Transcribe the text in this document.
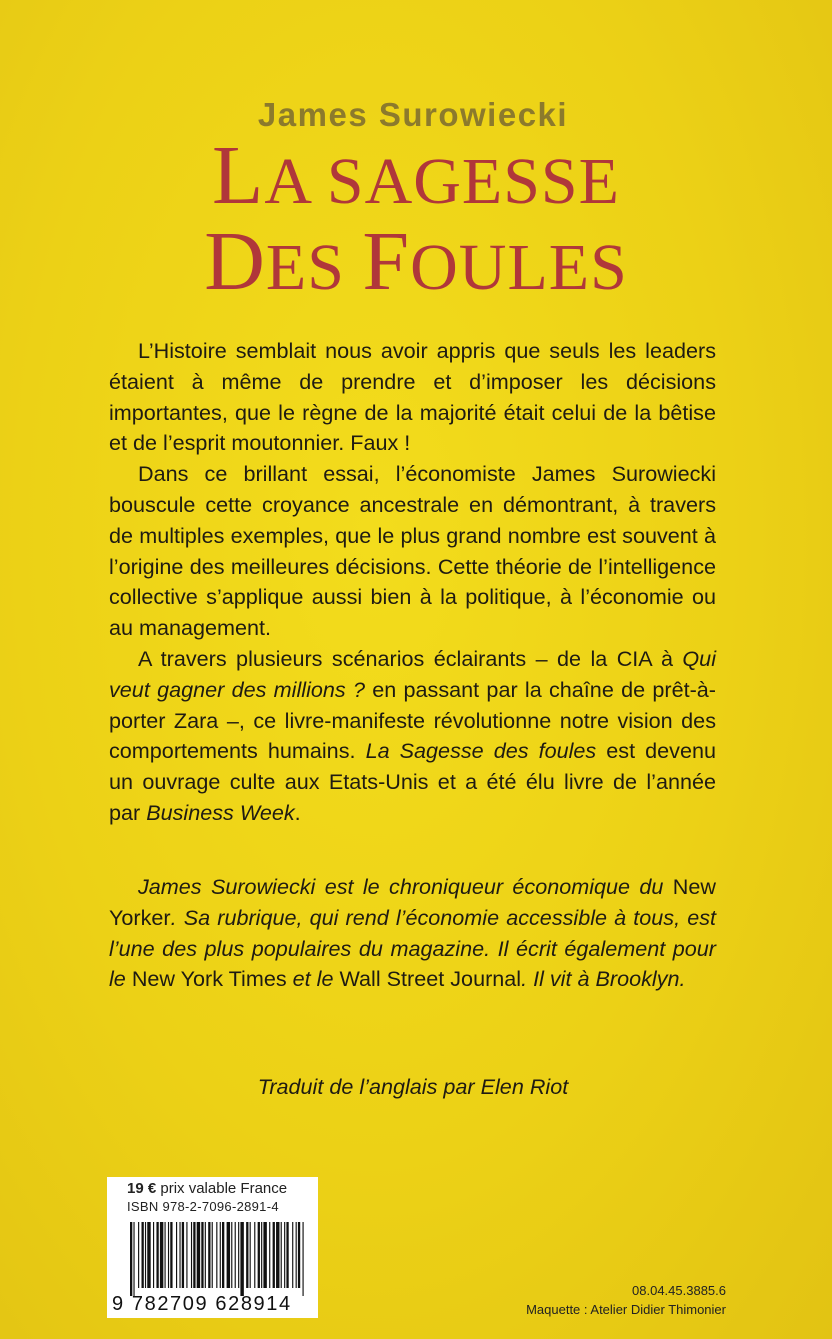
James Surowiecki
LA SAGESSE
DES FOULES

L’Histoire semblait nous avoir appris que seuls les leaders étaient à même de prendre et d’imposer les décisions importantes, que le règne de la majorité était celui de la bêtise et de l’esprit moutonnier. Faux !

Dans ce brillant essai, l’économiste James Surowiecki bouscule cette croyance ancestrale en démontrant, à travers de multiples exemples, que le plus grand nombre est souvent à l’origine des meilleures décisions. Cette théorie de l’intelligence collective s’applique aussi bien à la politique, à l’économie ou au management.

A travers plusieurs scénarios éclairants – de la CIA à Qui veut gagner des millions ? en passant par la chaîne de prêt-à-porter Zara –, ce livre-manifeste révolutionne notre vision des comportements humains. La Sagesse des foules est devenu un ouvrage culte aux Etats-Unis et a été élu livre de l’année par Business Week.

James Surowiecki est le chroniqueur économique du New Yorker. Sa rubrique, qui rend l’économie accessible à tous, est l’une des plus populaires du magazine. Il écrit également pour le New York Times et le Wall Street Journal. Il vit à Brooklyn.

Traduit de l’anglais par Elen Riot
19 € prix valable France
ISBN 978-2-7096-2891-4
9 782709 628914
08.04.45.3885.6
Maquette : Atelier Didier Thimonier
